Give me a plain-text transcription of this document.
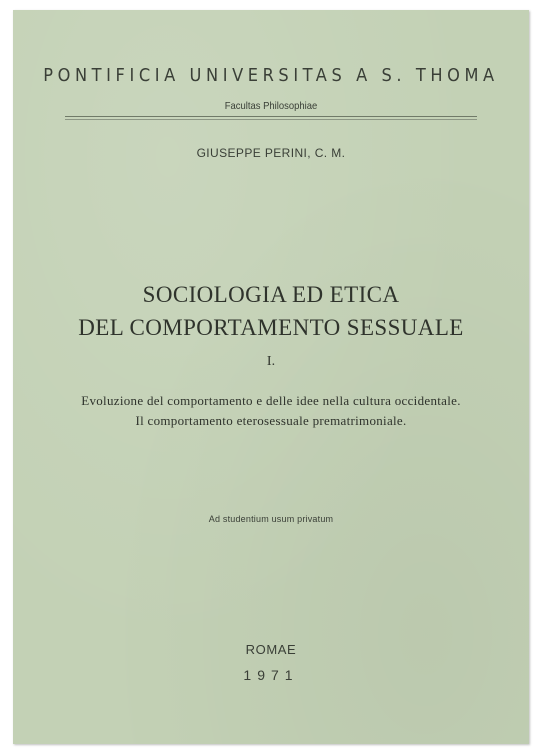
PONTIFICIA UNIVERSITAS A S. THOMA
Facultas Philosophiae
GIUSEPPE PERINI, C. M.
SOCIOLOGIA ED ETICA
DEL COMPORTAMENTO SESSUALE
I.
Evoluzione del comportamento e delle idee nella cultura occidentale.
Il comportamento eterosessuale prematrimoniale.
Ad studentium usum privatum
ROMAE
1971
